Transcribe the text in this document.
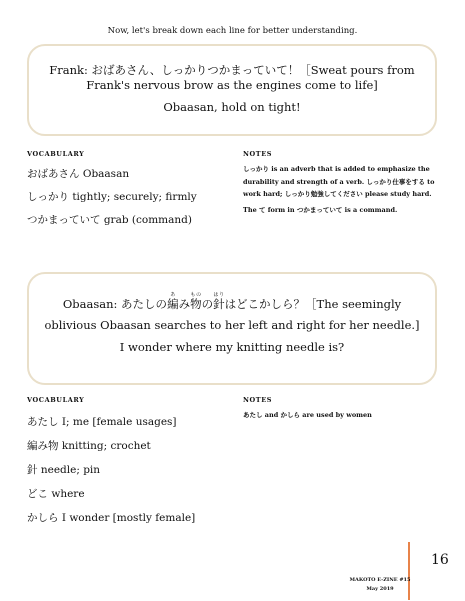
Now, let's break down each line for better understanding.
Frank: おばあさん、しっかりつかまっていて！［Sweat pours from
Frank's nervous brow as the engines come to life]
Obaasan, hold on tight!
VOCABULARY	NOTES
おばあさん Obaasan
しっかり tightly; securely; firmly
つかまっていて grab (command)
しっかり is an adverb that is added to emphasize the durability and strength of a verb. しっかり仕事をする to work hard; しっかり勉強してください please study hard.
The て form in つかまっていて is a command.
Obaasan: あたしの編あみ物ものの針はりはどこかしら？［The seemingly
oblivious Obaasan searches to her left and right for her needle.]
I wonder where my knitting needle is?
VOCABULARY	NOTES
あたし I; me [female usages]
編み物 knitting; crochet
針 needle; pin
どこ where
かしら I wonder [mostly female]
あたし and かしら are used by women
16
MAKOTO E-ZINE #15
May 2019
